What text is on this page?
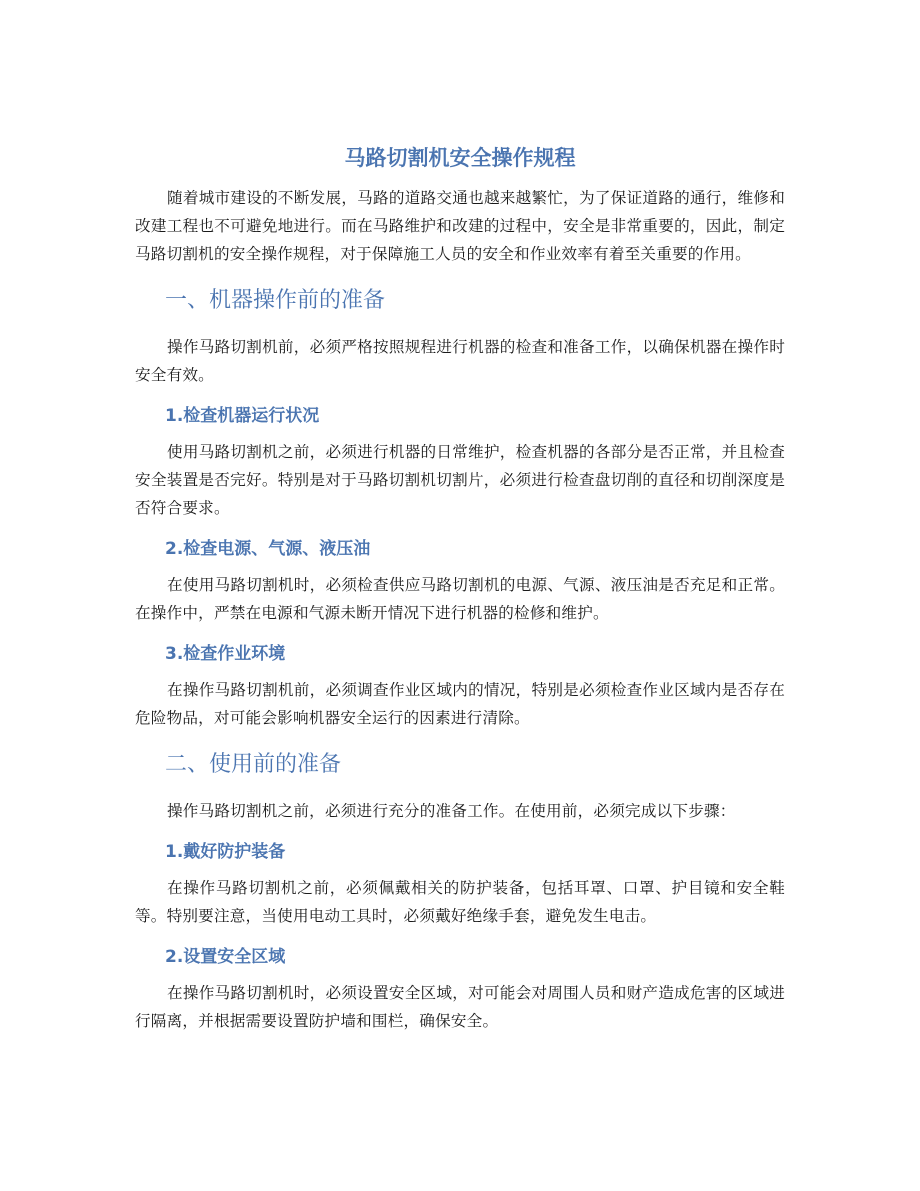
马路切割机安全操作规程

随着城市建设的不断发展，马路的道路交通也越来越繁忙，为了保证道路的通行，维修和改建工程也不可避免地进行。而在马路维护和改建的过程中，安全是非常重要的，因此，制定马路切割机的安全操作规程，对于保障施工人员的安全和作业效率有着至关重要的作用。

一、机器操作前的准备

操作马路切割机前，必须严格按照规程进行机器的检查和准备工作，以确保机器在操作时安全有效。

1.检查机器运行状况

使用马路切割机之前，必须进行机器的日常维护，检查机器的各部分是否正常，并且检查安全装置是否完好。特别是对于马路切割机切割片，必须进行检查盘切削的直径和切削深度是否符合要求。

2.检查电源、气源、液压油

在使用马路切割机时，必须检查供应马路切割机的电源、气源、液压油是否充足和正常。在操作中，严禁在电源和气源未断开情况下进行机器的检修和维护。

3.检查作业环境

在操作马路切割机前，必须调查作业区域内的情况，特别是必须检查作业区域内是否存在危险物品，对可能会影响机器安全运行的因素进行清除。

二、使用前的准备

操作马路切割机之前，必须进行充分的准备工作。在使用前，必须完成以下步骤：

1.戴好防护装备

在操作马路切割机之前，必须佩戴相关的防护装备，包括耳罩、口罩、护目镜和安全鞋等。特别要注意，当使用电动工具时，必须戴好绝缘手套，避免发生电击。

2.设置安全区域

在操作马路切割机时，必须设置安全区域，对可能会对周围人员和财产造成危害的区域进行隔离，并根据需要设置防护墙和围栏，确保安全。
